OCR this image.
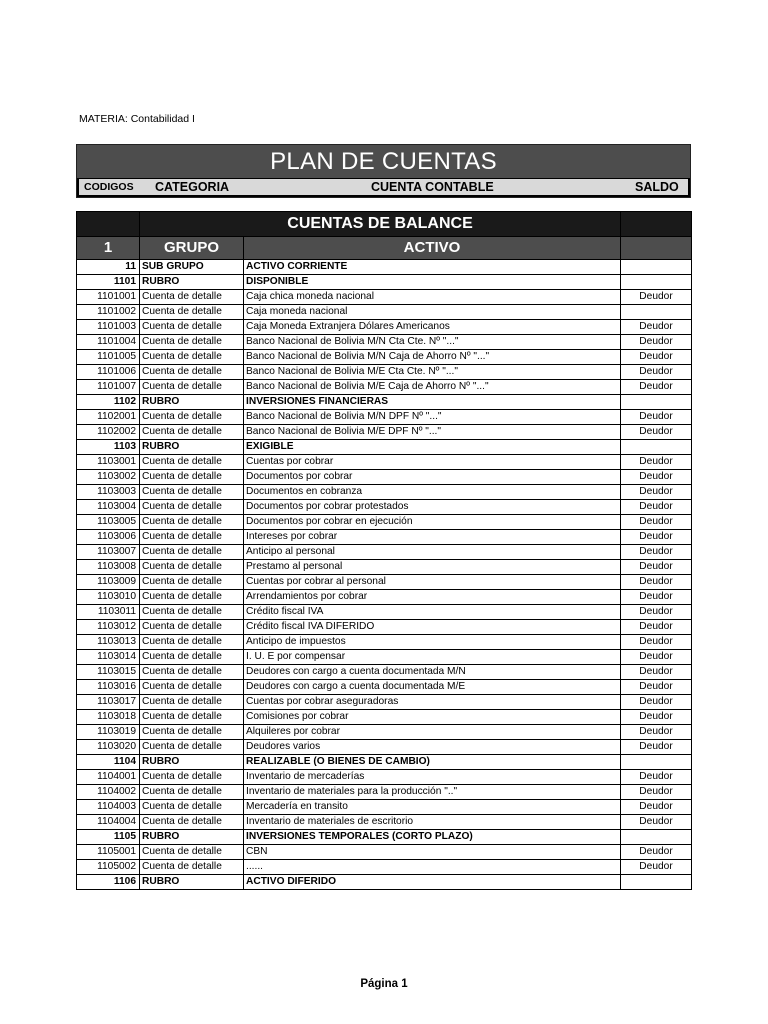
MATERIA: Contabilidad I
PLAN DE CUENTAS
CODIGOS CATEGORIA	CUENTA CONTABLE	SALDO
	CUENTAS DE BALANCE		
1	GRUPO	ACTIVO	
11	SUB GRUPO	ACTIVO CORRIENTE	
1101	RUBRO	DISPONIBLE	
1101001	Cuenta de detalle	Caja chica moneda nacional	Deudor
1101002	Cuenta de detalle	Caja moneda nacional	
1101003	Cuenta de detalle	Caja Moneda Extranjera Dólares Americanos	Deudor
1101004	Cuenta de detalle	Banco Nacional de Bolivia M/N Cta Cte. Nº "..."	Deudor
1101005	Cuenta de detalle	Banco Nacional de Bolivia M/N Caja de Ahorro Nº "..."	Deudor
1101006	Cuenta de detalle	Banco Nacional de Bolivia M/E Cta Cte. Nº "..."	Deudor
1101007	Cuenta de detalle	Banco Nacional de Bolivia M/E Caja de Ahorro Nº "..."	Deudor
1102	RUBRO	INVERSIONES FINANCIERAS	
1102001	Cuenta de detalle	Banco Nacional de Bolivia M/N DPF Nº "..."	Deudor
1102002	Cuenta de detalle	Banco Nacional de Bolivia M/E DPF Nº "..."	Deudor
1103	RUBRO	EXIGIBLE	
1103001	Cuenta de detalle	Cuentas por cobrar	Deudor
1103002	Cuenta de detalle	Documentos por cobrar	Deudor
1103003	Cuenta de detalle	Documentos en cobranza	Deudor
1103004	Cuenta de detalle	Documentos por cobrar protestados	Deudor
1103005	Cuenta de detalle	Documentos por cobrar en ejecución	Deudor
1103006	Cuenta de detalle	Intereses por cobrar	Deudor
1103007	Cuenta de detalle	Anticipo al personal	Deudor
1103008	Cuenta de detalle	Prestamo al personal	Deudor
1103009	Cuenta de detalle	Cuentas por cobrar al personal	Deudor
1103010	Cuenta de detalle	Arrendamientos por cobrar	Deudor
1103011	Cuenta de detalle	Crédito fiscal IVA	Deudor
1103012	Cuenta de detalle	Crédito fiscal IVA DIFERIDO	Deudor
1103013	Cuenta de detalle	Anticipo de impuestos	Deudor
1103014	Cuenta de detalle	I. U. E por compensar	Deudor
1103015	Cuenta de detalle	Deudores con cargo a cuenta documentada M/N	Deudor
1103016	Cuenta de detalle	Deudores con cargo a cuenta documentada M/E	Deudor
1103017	Cuenta de detalle	Cuentas por cobrar aseguradoras	Deudor
1103018	Cuenta de detalle	Comisiones por cobrar	Deudor
1103019	Cuenta de detalle	Alquileres por cobrar	Deudor
1103020	Cuenta de detalle	Deudores varios	Deudor
1104	RUBRO	REALIZABLE (O BIENES DE CAMBIO)	
1104001	Cuenta de detalle	Inventario de mercaderías	Deudor
1104002	Cuenta de detalle	Inventario de materiales para la producción ".."	Deudor
1104003	Cuenta de detalle	Mercadería en transito	Deudor
1104004	Cuenta de detalle	Inventario de materiales de escritorio	Deudor
1105	RUBRO	INVERSIONES TEMPORALES (CORTO PLAZO)	
1105001	Cuenta de detalle	CBN	Deudor
1105002	Cuenta de detalle	......	Deudor
1106	RUBRO	ACTIVO DIFERIDO	
Página 1
